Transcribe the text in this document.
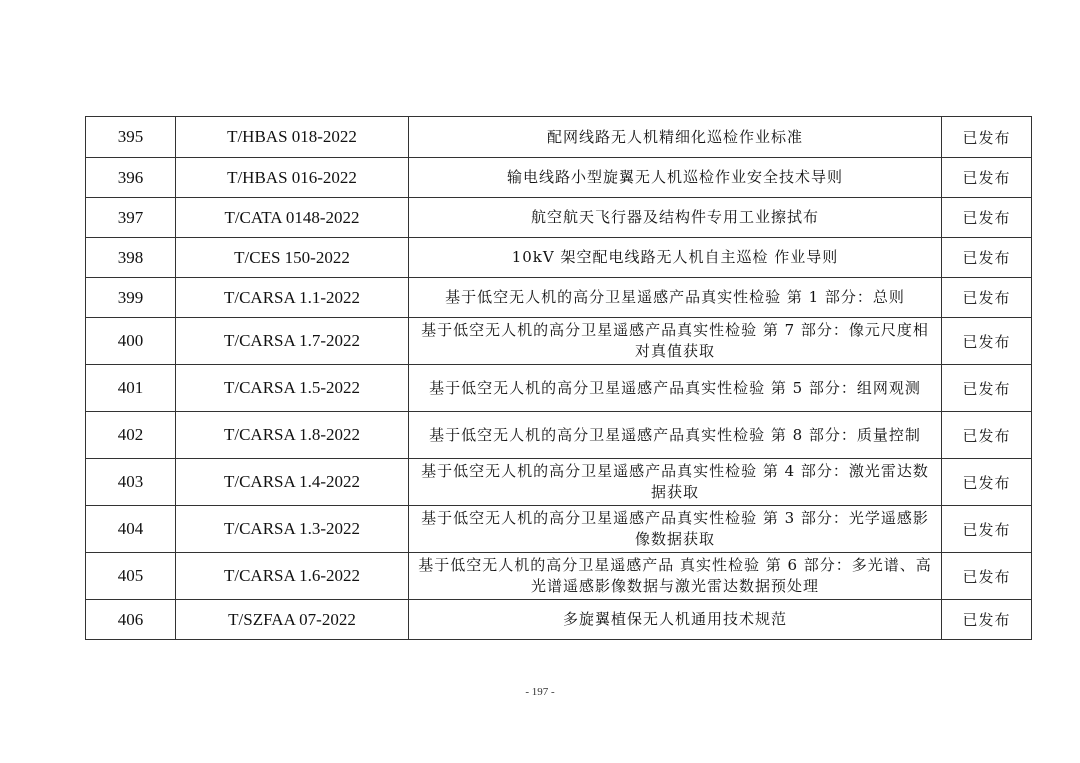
395	T/HBAS 018-2022	配网线路无人机精细化巡检作业标准	已发布
396	T/HBAS 016-2022	输电线路小型旋翼无人机巡检作业安全技术导则	已发布
397	T/CATA 0148-2022	航空航天飞行器及结构件专用工业擦拭布	已发布
398	T/CES 150-2022	10kV 架空配电线路无人机自主巡检 作业导则	已发布
399	T/CARSA 1.1-2022	基于低空无人机的高分卫星遥感产品真实性检验 第 1 部分：总则	已发布
400	T/CARSA 1.7-2022	基于低空无人机的高分卫星遥感产品真实性检验 第 7 部分：像元尺度相对真值获取	已发布
401	T/CARSA 1.5-2022	基于低空无人机的高分卫星遥感产品真实性检验 第 5 部分：组网观测	已发布
402	T/CARSA 1.8-2022	基于低空无人机的高分卫星遥感产品真实性检验 第 8 部分：质量控制	已发布
403	T/CARSA 1.4-2022	基于低空无人机的高分卫星遥感产品真实性检验 第 4 部分：激光雷达数据获取	已发布
404	T/CARSA 1.3-2022	基于低空无人机的高分卫星遥感产品真实性检验 第 3 部分：光学遥感影像数据获取	已发布
405	T/CARSA 1.6-2022	基于低空无人机的高分卫星遥感产品 真实性检验 第 6 部分：多光谱、高光谱遥感影像数据与激光雷达数据预处理	已发布
406	T/SZFAA 07-2022	多旋翼植保无人机通用技术规范	已发布
- 197 -
